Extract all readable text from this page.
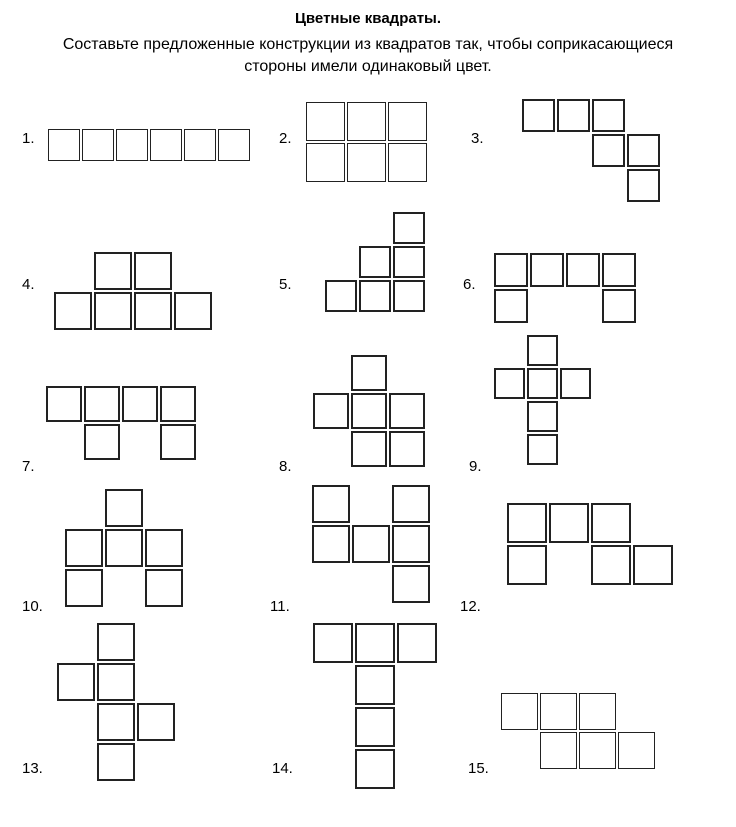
Цветные квадраты.
Составьте предложенные конструкции из квадратов так, чтобы соприкасающиеся стороны имели одинаковый цвет.
1.	2.	3.
4.	5.	6.
7.	8.	9.
10.	11.	12.
13.	14.	15.
